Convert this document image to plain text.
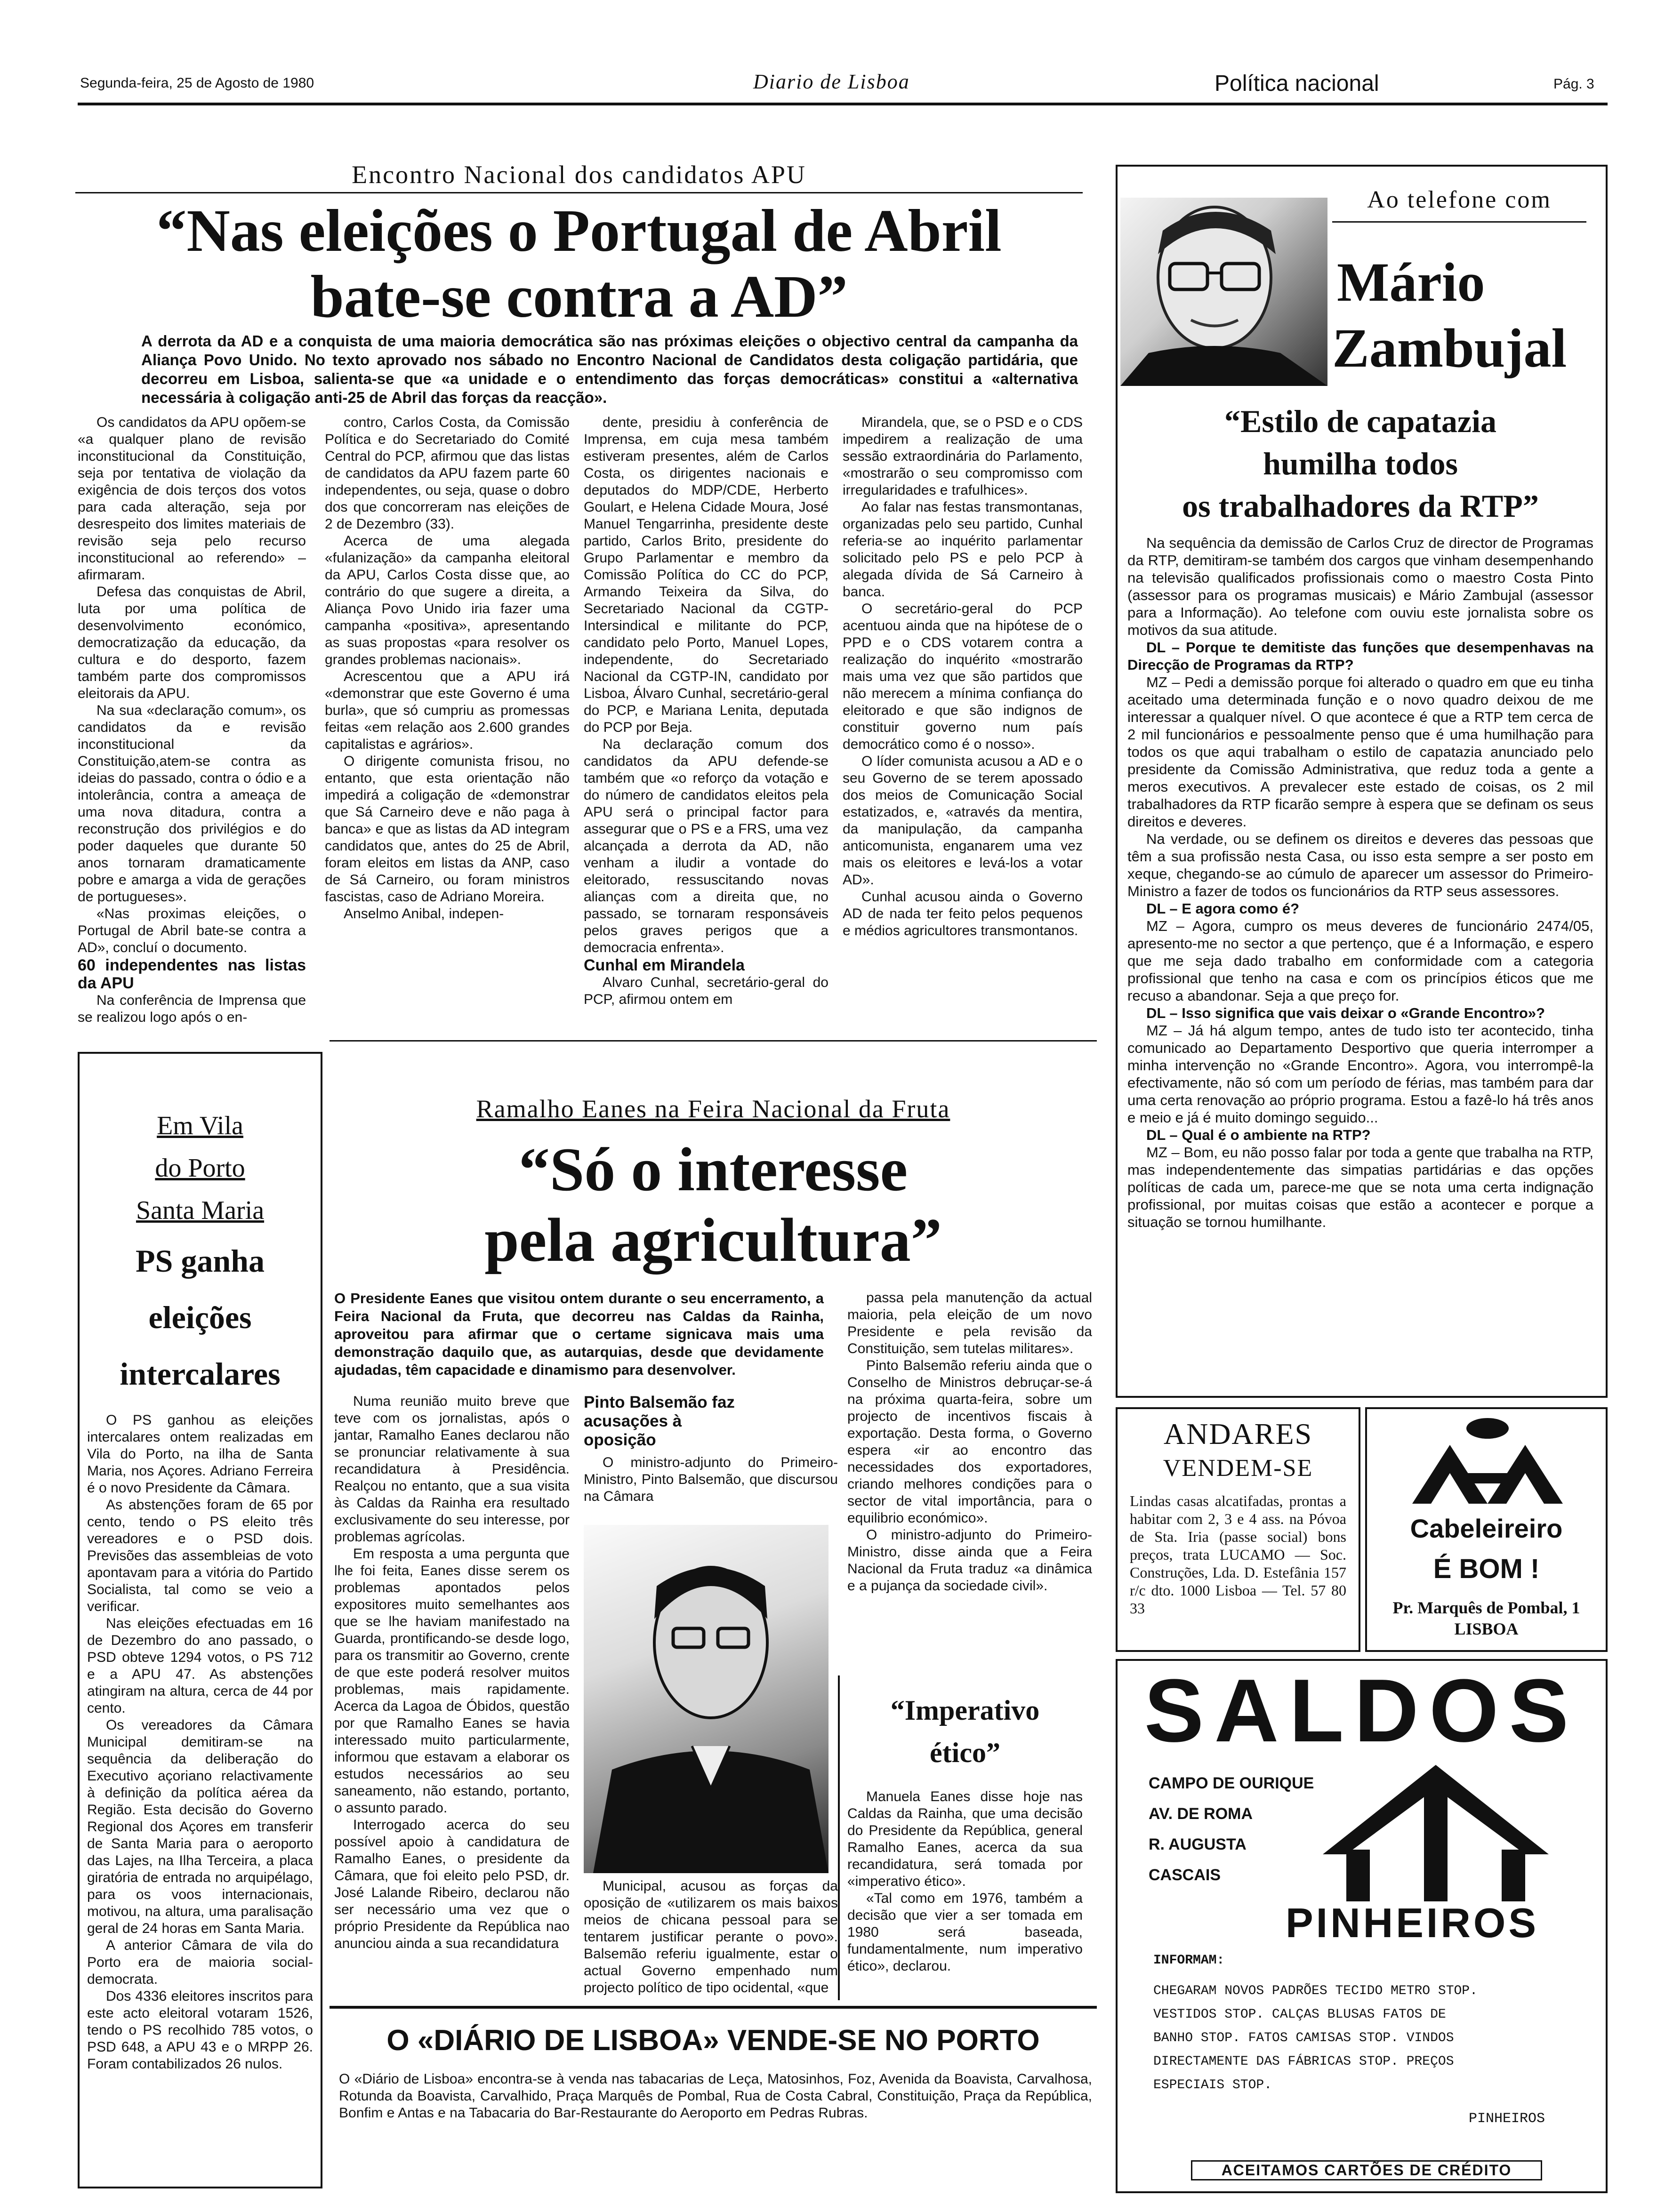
Segunda-feira, 25 de Agosto de 1980	Diario de Lisboa	Política nacional	Pág. 3
Encontro Nacional dos candidatos APU
“Nas eleições o Portugal de Abril
bate-se contra a AD”
A derrota da AD e a conquista de uma maioria democrática são nas próximas eleições o objectivo central da campanha da Aliança Povo Unido. No texto aprovado nos sábado no Encontro Nacional de Candidatos desta coligação partidária, que decorreu em Lisboa, salienta-se que «a unidade e o entendimento das forças democráticas» constitui a «alternativa necessária à coligação anti-25 de Abril das forças da reacção».

Os candidatos da APU opõem-se «a qualquer plano de revisão inconstitucional da Constituição, seja por tentativa de violação da exigência de dois terços dos votos para cada alteração, seja por desrespeito dos limites materiais de revisão seja pelo recurso inconstitucional ao referendo» – afirmaram.

Defesa das conquistas de Abril, luta por uma política de desenvolvimento económico, democratização da educação, da cultura e do desporto, fazem também parte dos compromissos eleitorais da APU.

Na sua «declaração comum», os candidatos da e revisão inconstitucional da Constituição,atem-se contra as ideias do passado, contra o ódio e a intolerância, contra a ameaça de uma nova ditadura, contra a reconstrução dos privilégios e do poder daqueles que durante 50 anos tornaram dramaticamente pobre e amarga a vida de gerações de portugueses».

«Nas proximas eleições, o Portugal de Abril bate-se contra a AD», concluí o documento.

60 independentes nas listas da APU

Na conferência de Imprensa que se realizou logo após o en-

contro, Carlos Costa, da Comissão Política e do Secretariado do Comité Central do PCP, afirmou que das listas de candidatos da APU fazem parte 60 independentes, ou seja, quase o dobro dos que concorreram nas eleições de 2 de Dezembro (33).

Acerca de uma alegada «fulanização» da campanha eleitoral da APU, Carlos Costa disse que, ao contrário do que sugere a direita, a Aliança Povo Unido iria fazer uma campanha «positiva», apresentando as suas propostas «para resolver os grandes problemas nacionais».

Acrescentou que a APU irá «demonstrar que este Governo é uma burla», que só cumpriu as promessas feitas «em relação aos 2.600 grandes capitalistas e agrários».

O dirigente comunista frisou, no entanto, que esta orientação não impedirá a coligação de «demonstrar que Sá Carneiro deve e não paga à banca» e que as listas da AD integram candidatos que, antes do 25 de Abril, foram eleitos em listas da ANP, caso de Sá Carneiro, ou foram ministros fascistas, caso de Adriano Moreira.

Anselmo Anibal, indepen-

dente, presidiu à conferência de Imprensa, em cuja mesa também estiveram presentes, além de Carlos Costa, os dirigentes nacionais e deputados do MDP/CDE, Herberto Goulart, e Helena Cidade Moura, José Manuel Tengarrinha, presidente deste partido, Carlos Brito, presidente do Grupo Parlamentar e membro da Comissão Política do CC do PCP, Armando Teixeira da Silva, do Secretariado Nacional da CGTP-Intersindical e militante do PCP, candidato pelo Porto, Manuel Lopes, independente, do Secretariado Nacional da CGTP-IN, candidato por Lisboa, Álvaro Cunhal, secretário-geral do PCP, e Mariana Lenita, deputada do PCP por Beja.

Na declaração comum dos candidatos da APU defende-se também que «o reforço da votação e do número de candidatos eleitos pela APU será o principal factor para assegurar que o PS e a FRS, uma vez alcançada a derrota da AD, não venham a iludir a vontade do eleitorado, ressuscitando novas alianças com a direita que, no passado, se tornaram responsáveis pelos graves perigos que a democracia enfrenta».

Cunhal em Mirandela

Alvaro Cunhal, secretário-geral do PCP, afirmou ontem em

Mirandela, que, se o PSD e o CDS impedirem a realização de uma sessão extraordinária do Parlamento, «mostrarão o seu compromisso com irregularidades e trafulhices».

Ao falar nas festas transmontanas, organizadas pelo seu partido, Cunhal referia-se ao inquérito parlamentar solicitado pelo PS e pelo PCP à alegada dívida de Sá Carneiro à banca.

O secretário-geral do PCP acentuou ainda que na hipótese de o PPD e o CDS votarem contra a realização do inquérito «mostrarão mais uma vez que são partidos que não merecem a mínima confiança do eleitorado e que são indignos de constituir governo num país democrático como é o nosso».

O líder comunista acusou a AD e o seu Governo de se terem apossado dos meios de Comunicação Social estatizados, e, «através da mentira, da manipulação, da campanha anticomunista, enganarem uma vez mais os eleitores e levá-los a votar AD».

Cunhal acusou ainda o Governo AD de nada ter feito pelos pequenos e médios agricultores transmontanos.

Ao telefone com
Mário
Zambujal
“Estilo de capatazia
humilha todos
os trabalhadores da RTP”

Na sequência da demissão de Carlos Cruz de director de Programas da RTP, demitiram-se também dos cargos que vinham desempenhando na televisão qualificados profissionais como o maestro Costa Pinto (assessor para os programas musicais) e Mário Zambujal (assessor para a Informação). Ao telefone com ouviu este jornalista sobre os motivos da sua atitude.

DL – Porque te demitiste das funções que desempenhavas na Direcção de Programas da RTP?

MZ – Pedi a demissão porque foi alterado o quadro em que eu tinha aceitado uma determinada função e o novo quadro deixou de me interessar a qualquer nível. O que acontece é que a RTP tem cerca de 2 mil funcionários e pessoalmente penso que é uma humilhação para todos os que aqui trabalham o estilo de capatazia anunciado pelo presidente da Comissão Administrativa, que reduz toda a gente a meros executivos. A prevalecer este estado de coisas, os 2 mil trabalhadores da RTP ficarão sempre à espera que se definam os seus direitos e deveres.

Na verdade, ou se definem os direitos e deveres das pessoas que têm a sua profissão nesta Casa, ou isso esta sempre a ser posto em xeque, chegando-se ao cúmulo de aparecer um assessor do Primeiro-Ministro a fazer de todos os funcionários da RTP seus assessores.

DL – E agora como é?

MZ – Agora, cumpro os meus deveres de funcionário 2474/05, apresento-me no sector a que pertenço, que é a Informação, e espero que me seja dado trabalho em conformidade com a categoria profissional que tenho na casa e com os princípios éticos que me recuso a abandonar. Seja a que preço for.

DL – Isso significa que vais deixar o «Grande Encontro»?

MZ – Já há algum tempo, antes de tudo isto ter acontecido, tinha comunicado ao Departamento Desportivo que queria interromper a minha intervenção no «Grande Encontro». Agora, vou interrompê-la efectivamente, não só com um período de férias, mas também para dar uma certa renovação ao próprio programa. Estou a fazê-lo há três anos e meio e já é muito domingo seguido...

DL – Qual é o ambiente na RTP?

MZ – Bom, eu não posso falar por toda a gente que trabalha na RTP, mas independentemente das simpatias partidárias e das opções políticas de cada um, parece-me que se nota uma certa indignação profissional, por muitas coisas que estão a acontecer e porque a situação se tornou humilhante.

Em Vila
do Porto
Santa Maria
PS ganha
eleições
intercalares

O PS ganhou as eleições intercalares ontem realizadas em Vila do Porto, na ilha de Santa Maria, nos Açores. Adriano Ferreira é o novo Presidente da Câmara.

As abstenções foram de 65 por cento, tendo o PS eleito três vereadores e o PSD dois. Previsões das assembleias de voto apontavam para a vitória do Partido Socialista, tal como se veio a verificar.

Nas eleições efectuadas em 16 de Dezembro do ano passado, o PSD obteve 1294 votos, o PS 712 e a APU 47. As abstenções atingiram na altura, cerca de 44 por cento.

Os vereadores da Câmara Municipal demitiram-se na sequência da deliberação do Executivo açoriano relactivamente à definição da política aérea da Região. Esta decisão do Governo Regional dos Açores em transferir de Santa Maria para o aeroporto das Lajes, na Ilha Terceira, a placa giratória de entrada no arquipélago, para os voos internacionais, motivou, na altura, uma paralisação geral de 24 horas em Santa Maria.

A anterior Câmara de vila do Porto era de maioria social-democrata.

Dos 4336 eleitores inscritos para este acto eleitoral votaram 1526, tendo o PS recolhido 785 votos, o PSD 648, a APU 43 e o MRPP 26. Foram contabilizados 26 nulos.

Ramalho Eanes na Feira Nacional da Fruta
“Só o interesse
pela agricultura”
O Presidente Eanes que visitou ontem durante o seu encerramento, a Feira Nacional da Fruta, que decorreu nas Caldas da Rainha, aproveitou para afirmar que o certame signicava mais uma demonstração daquilo que, as autarquias, desde que devidamente ajudadas, têm capacidade e dinamismo para desenvolver.

Numa reunião muito breve que teve com os jornalistas, após o jantar, Ramalho Eanes declarou não se pronunciar relativamente à sua recandidatura à Presidência. Realçou no entanto, que a sua visita às Caldas da Rainha era resultado exclusivamente do seu interesse, por problemas agrícolas.

Em resposta a uma pergunta que lhe foi feita, Eanes disse serem os problemas apontados pelos expositores muito semelhantes aos que se lhe haviam manifestado na Guarda, prontificando-se desde logo, para os transmitir ao Governo, crente de que este poderá resolver muitos problemas, mais rapidamente. Acerca da Lagoa de Óbidos, questão por que Ramalho Eanes se havia interessado muito particularmente, informou que estavam a elaborar os estudos necessários ao seu saneamento, não estando, portanto, o assunto parado.

Interrogado acerca do seu possível apoio à candidatura de Ramalho Eanes, o presidente da Câmara, que foi eleito pelo PSD, dr. José Lalande Ribeiro, declarou não ser necessário uma vez que o próprio Presidente da República nao anunciou ainda a sua recandidatura

Pinto Balsemão faz acusações à oposição

O ministro-adjunto do Primeiro-Ministro, Pinto Balsemão, que discursou na Câmara

Municipal, acusou as forças da oposição de «utilizarem os mais baixos meios de chicana pessoal para se tentarem justificar perante o povo». Balsemão referiu igualmente, estar o actual Governo empenhado num projecto político de tipo ocidental, «que

passa pela manutenção da actual maioria, pela eleição de um novo Presidente e pela revisão da Constituição, sem tutelas militares».

Pinto Balsemão referiu ainda que o Conselho de Ministros debruçar-se-á na próxima quarta-feira, sobre um projecto de incentivos fiscais à exportação. Desta forma, o Governo espera «ir ao encontro das necessidades dos exportadores, criando melhores condições para o sector de vital importância, para o equilibrio económico».

O ministro-adjunto do Primeiro-Ministro, disse ainda que a Feira Nacional da Fruta traduz «a dinâmica e a pujança da sociedade civil».

“Imperativo
ético”

Manuela Eanes disse hoje nas Caldas da Rainha, que uma decisão do Presidente da República, general Ramalho Eanes, acerca da sua recandidatura, será tomada por «imperativo ético».

«Tal como em 1976, também a decisão que vier a ser tomada em 1980 será baseada, fundamentalmente, num imperativo ético», declarou.

O «DIÁRIO DE LISBOA» VENDE-SE NO PORTO
O «Diário de Lisboa» encontra-se à venda nas tabacarias de Leça, Matosinhos, Foz, Avenida da Boavista, Carvalhosa, Rotunda da Boavista, Carvalhido, Praça Marquês de Pombal, Rua de Costa Cabral, Constituição, Praça da República, Bonfim e Antas e na Tabacaria do Bar-Restaurante do Aeroporto em Pedras Rubras.
ANDARES
VENDEM-SE
Lindas casas alcatifadas, prontas a habitar com 2, 3 e 4 ass. na Póvoa de Sta. Iria (passe social) bons preços, trata LUCAMO — Soc. Construções, Lda. D. Estefânia 157 r/c dto. 1000 Lisboa — Tel. 57 80 33
Cabeleireiro
É BOM !
Pr. Marquês de Pombal, 1
LISBOA
SALDOS
CAMPO DE OURIQUE
AV. DE ROMA
R. AUGUSTA
CASCAIS
PINHEIROS
INFORMAM:
CHEGARAM NOVOS PADRÕES TECIDO METRO STOP.
VESTIDOS STOP. CALÇAS BLUSAS FATOS DE
BANHO STOP. FATOS CAMISAS STOP. VINDOS
DIRECTAMENTE DAS FÁBRICAS STOP. PREÇOS
ESPECIAIS STOP.
PINHEIROS
ACEITAMOS CARTÕES DE CRÉDITO
